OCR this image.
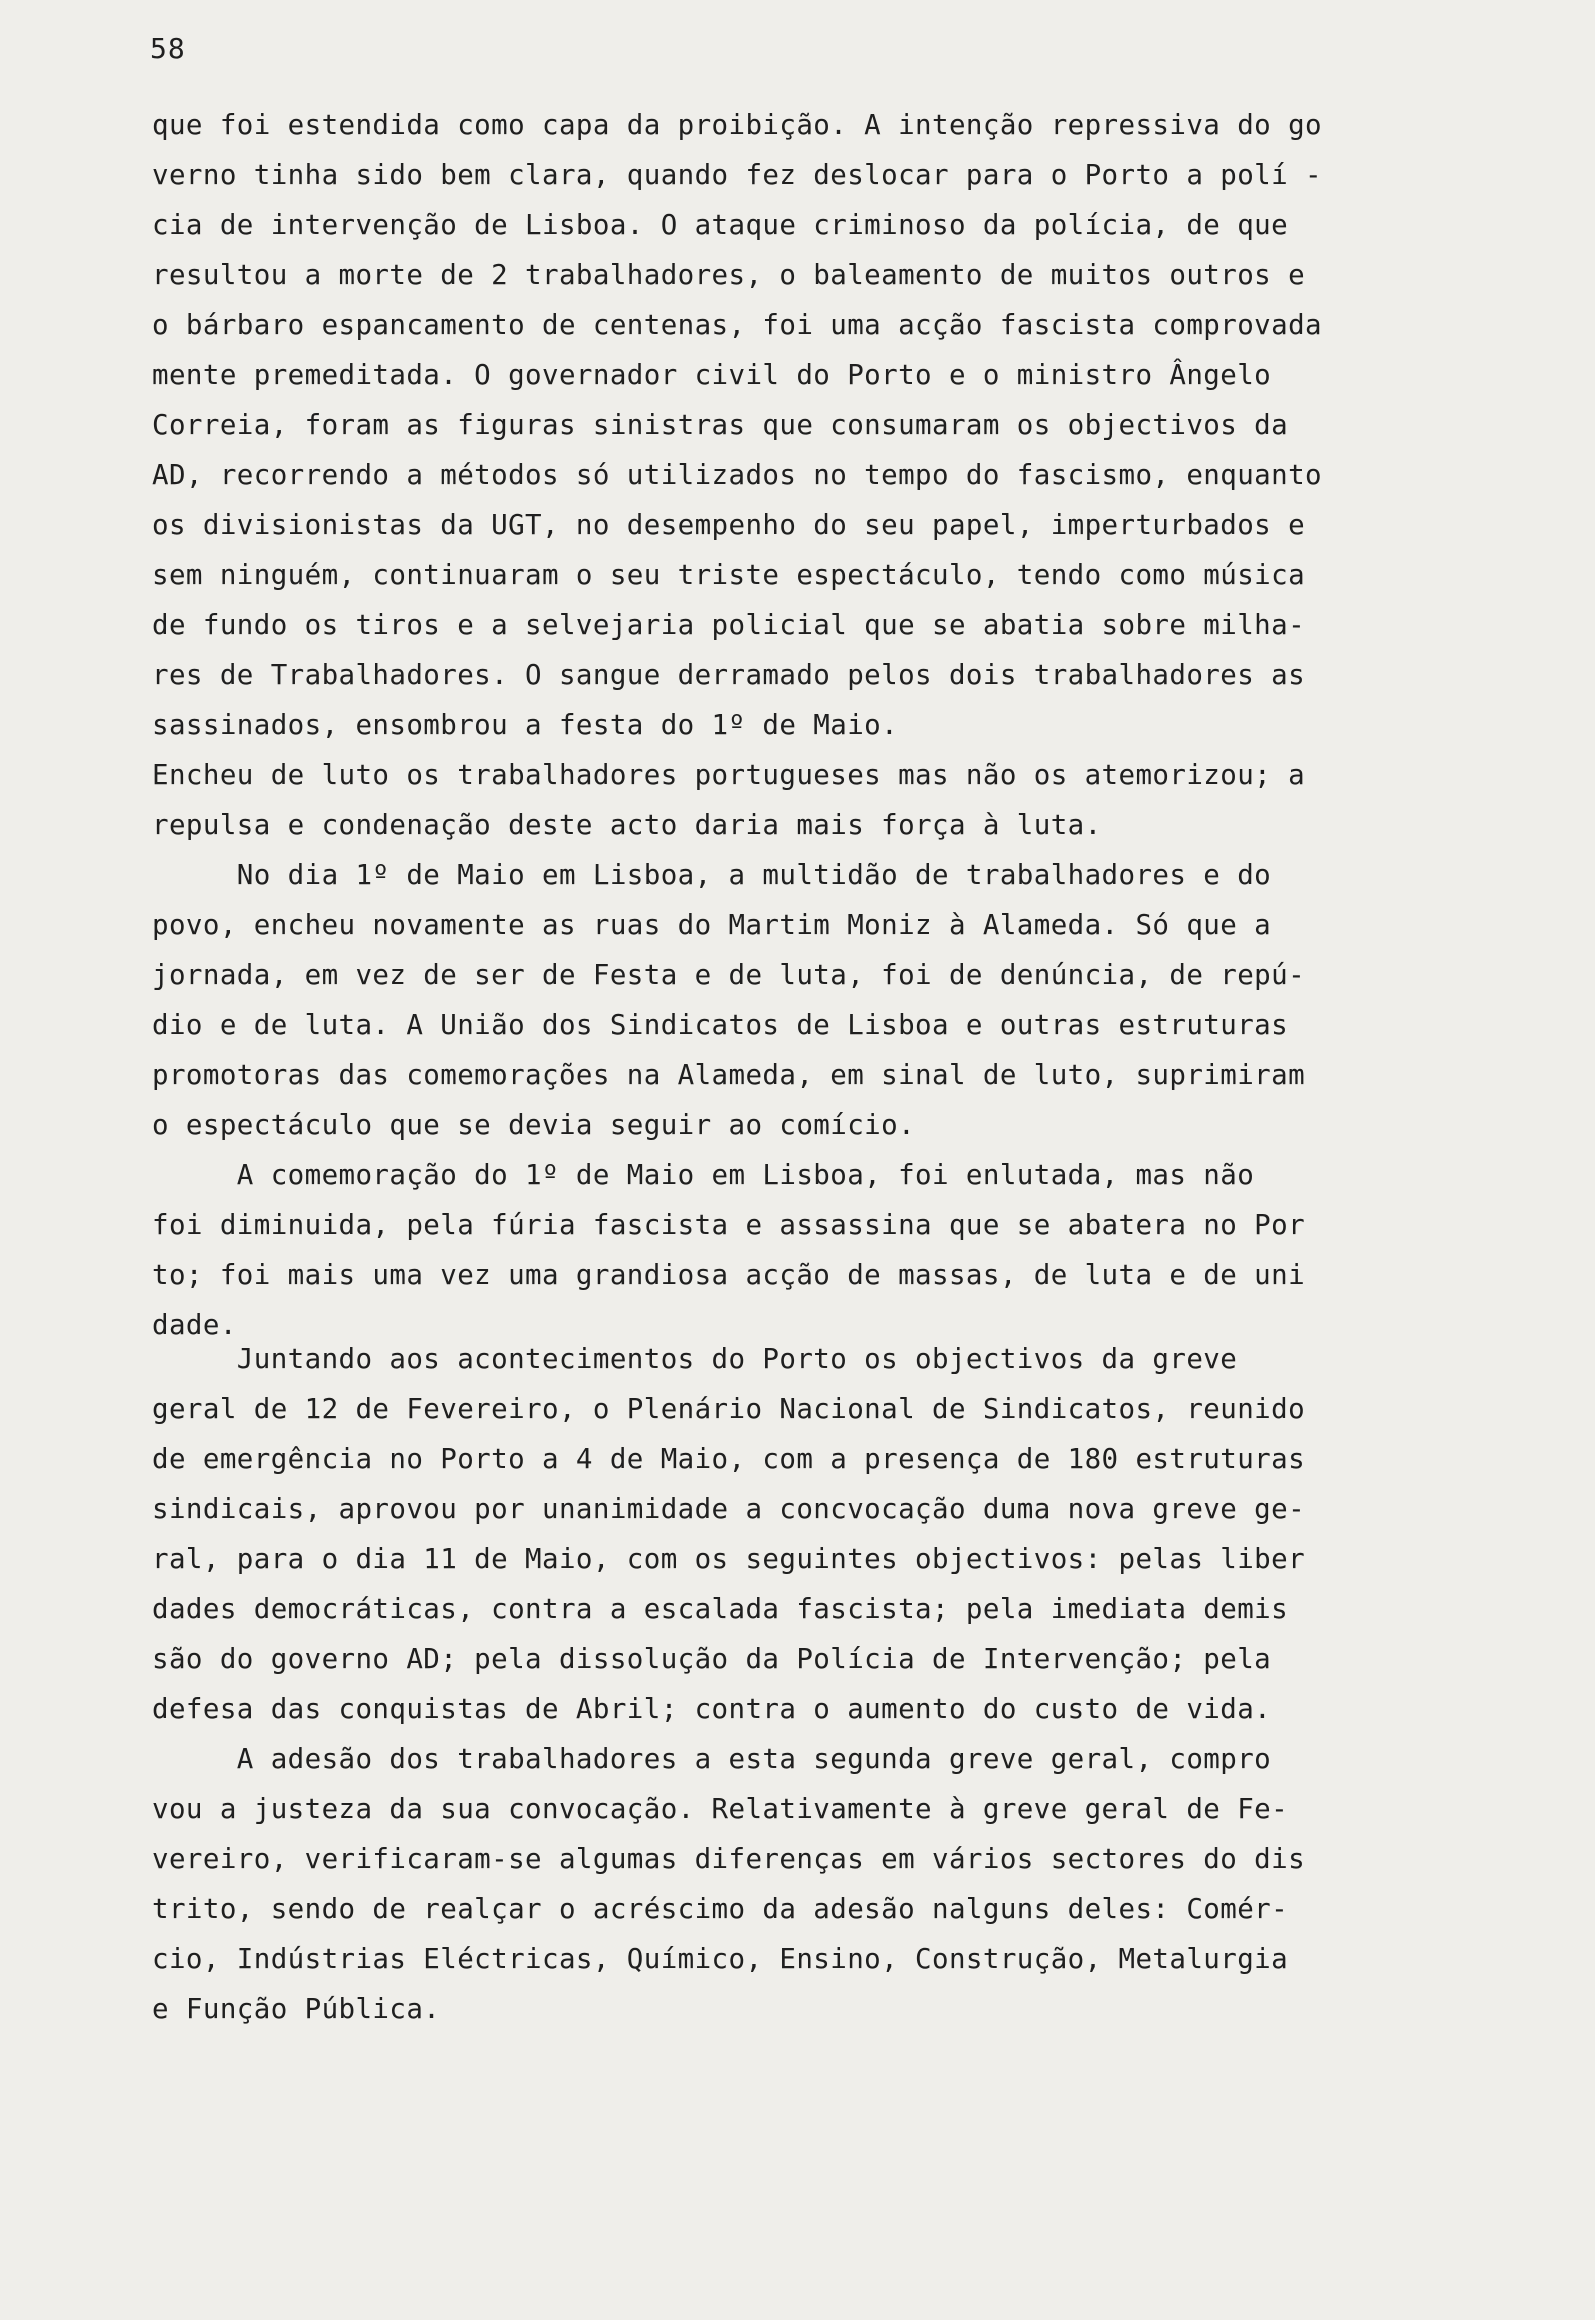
58
que foi estendida como capa da proibição. A intenção repressiva do go
verno tinha sido bem clara, quando fez deslocar para o Porto a polí -
cia de intervenção de Lisboa. O ataque criminoso da polícia, de que
resultou a morte de 2 trabalhadores, o baleamento de muitos outros e
o bárbaro espancamento de centenas, foi uma acção fascista comprovada
mente premeditada. O governador civil do Porto e o ministro Ângelo
Correia, foram as figuras sinistras que consumaram os objectivos da
AD, recorrendo a métodos só utilizados no tempo do fascismo, enquanto
os divisionistas da UGT, no desempenho do seu papel, imperturbados e
sem ninguém, continuaram o seu triste espectáculo, tendo como música
de fundo os tiros e a selvejaria policial que se abatia sobre milha-
res de Trabalhadores. O sangue derramado pelos dois trabalhadores as
sassinados, ensombrou a festa do 1º de Maio.
Encheu de luto os trabalhadores portugueses mas não os atemorizou; a
repulsa e condenação deste acto daria mais força à luta.
No dia 1º de Maio em Lisboa, a multidão de trabalhadores e do
povo, encheu novamente as ruas do Martim Moniz à Alameda. Só que a
jornada, em vez de ser de Festa e de luta, foi de denúncia, de repú-
dio e de luta. A União dos Sindicatos de Lisboa e outras estruturas
promotoras das comemorações na Alameda, em sinal de luto, suprimiram
o espectáculo que se devia seguir ao comício.
A comemoração do 1º de Maio em Lisboa, foi enlutada, mas não
foi diminuida, pela fúria fascista e assassina que se abatera no Por
to; foi mais uma vez uma grandiosa acção de massas, de luta e de uni
dade.
Juntando aos acontecimentos do Porto os objectivos da greve
geral de 12 de Fevereiro, o Plenário Nacional de Sindicatos, reunido
de emergência no Porto a 4 de Maio, com a presença de 180 estruturas
sindicais, aprovou por unanimidade a concvocação duma nova greve ge-
ral, para o dia 11 de Maio, com os seguintes objectivos: pelas liber
dades democráticas, contra a escalada fascista; pela imediata demis
são do governo AD; pela dissolução da Polícia de Intervenção; pela
defesa das conquistas de Abril; contra o aumento do custo de vida.
A adesão dos trabalhadores a esta segunda greve geral, compro
vou a justeza da sua convocação. Relativamente à greve geral de Fe-
vereiro, verificaram-se algumas diferenças em vários sectores do dis
trito, sendo de realçar o acréscimo da adesão nalguns deles: Comér-
cio, Indústrias Eléctricas, Químico, Ensino, Construção, Metalurgia
e Função Pública.
